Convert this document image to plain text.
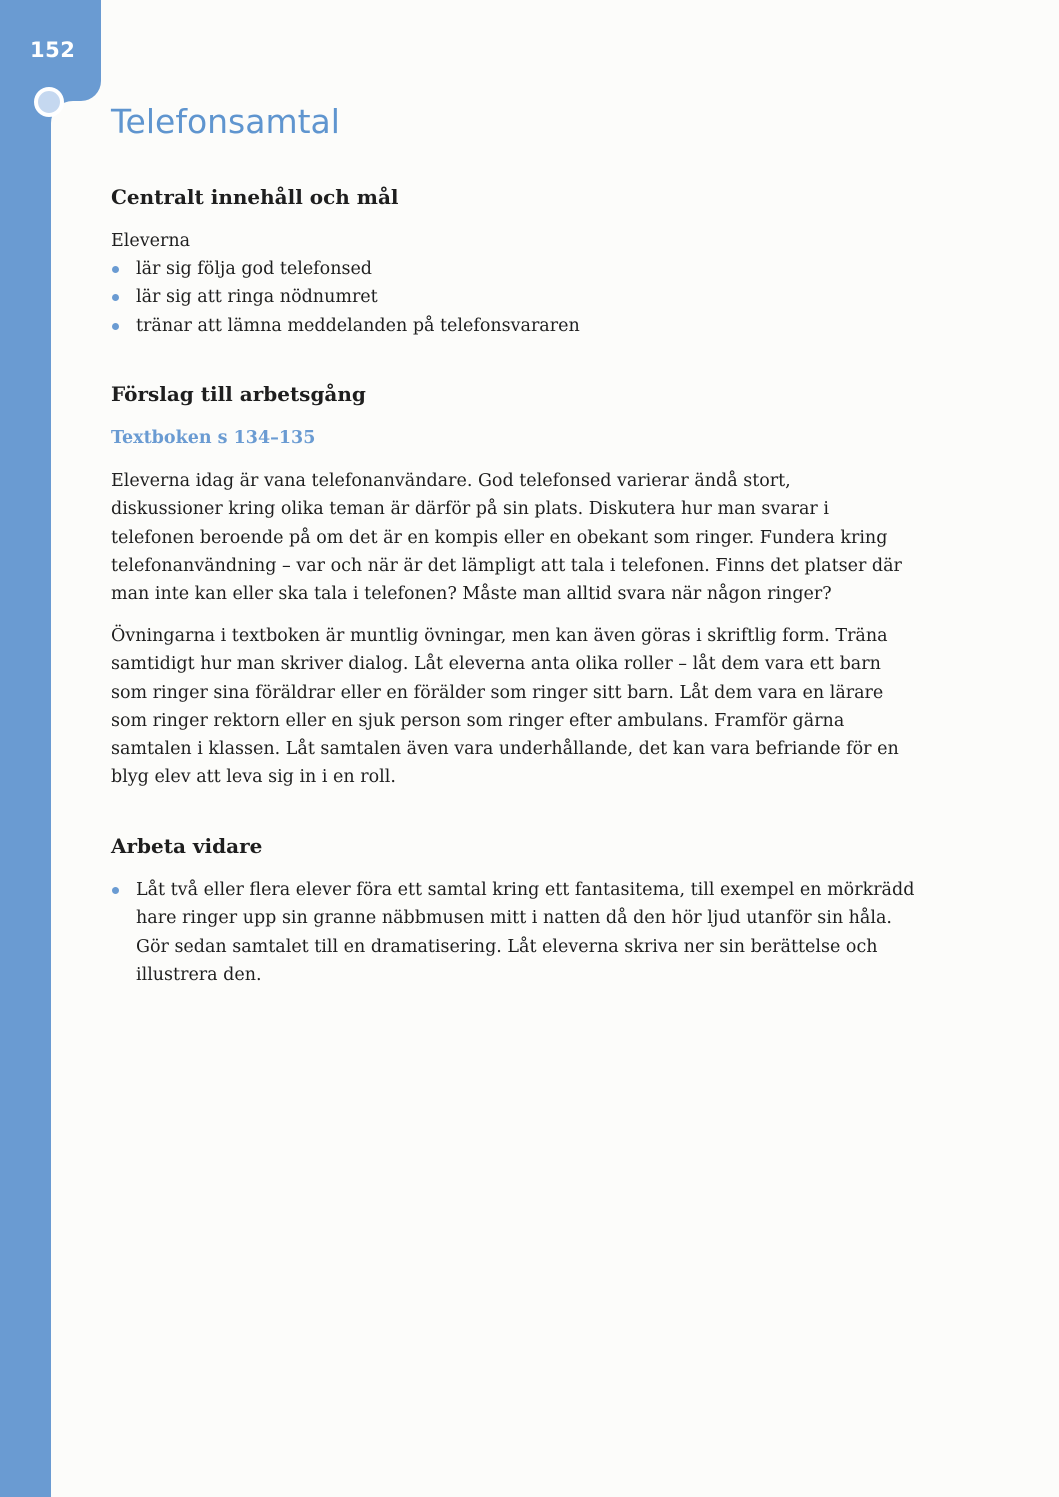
152
Telefonsamtal
Centralt innehåll och mål

Eleverna

lär sig följa god telefonsed
lär sig att ringa nödnumret
tränar att lämna meddelanden på telefonsvararen
Förslag till arbetsgång

Textboken s 134–135

Eleverna idag är vana telefonanvändare. God telefonsed varierar ändå stort,
diskussioner kring olika teman är därför på sin plats. Diskutera hur man svarar i
telefonen beroende på om det är en kompis eller en obekant som ringer. Fundera kring
telefonanvändning – var och när är det lämpligt att tala i telefonen. Finns det platser där
man inte kan eller ska tala i telefonen? Måste man alltid svara när någon ringer?

Övningarna i textboken är muntlig övningar, men kan även göras i skriftlig form. Träna
samtidigt hur man skriver dialog. Låt eleverna anta olika roller – låt dem vara ett barn
som ringer sina föräldrar eller en förälder som ringer sitt barn. Låt dem vara en lärare
som ringer rektorn eller en sjuk person som ringer efter ambulans. Framför gärna
samtalen i klassen. Låt samtalen även vara underhållande, det kan vara befriande för en
blyg elev att leva sig in i en roll.

Arbeta vidare
Låt två eller flera elever föra ett samtal kring ett fantasitema, till exempel en mörkrädd
hare ringer upp sin granne näbbmusen mitt i natten då den hör ljud utanför sin håla.
Gör sedan samtalet till en dramatisering. Låt eleverna skriva ner sin berättelse och
illustrera den.
